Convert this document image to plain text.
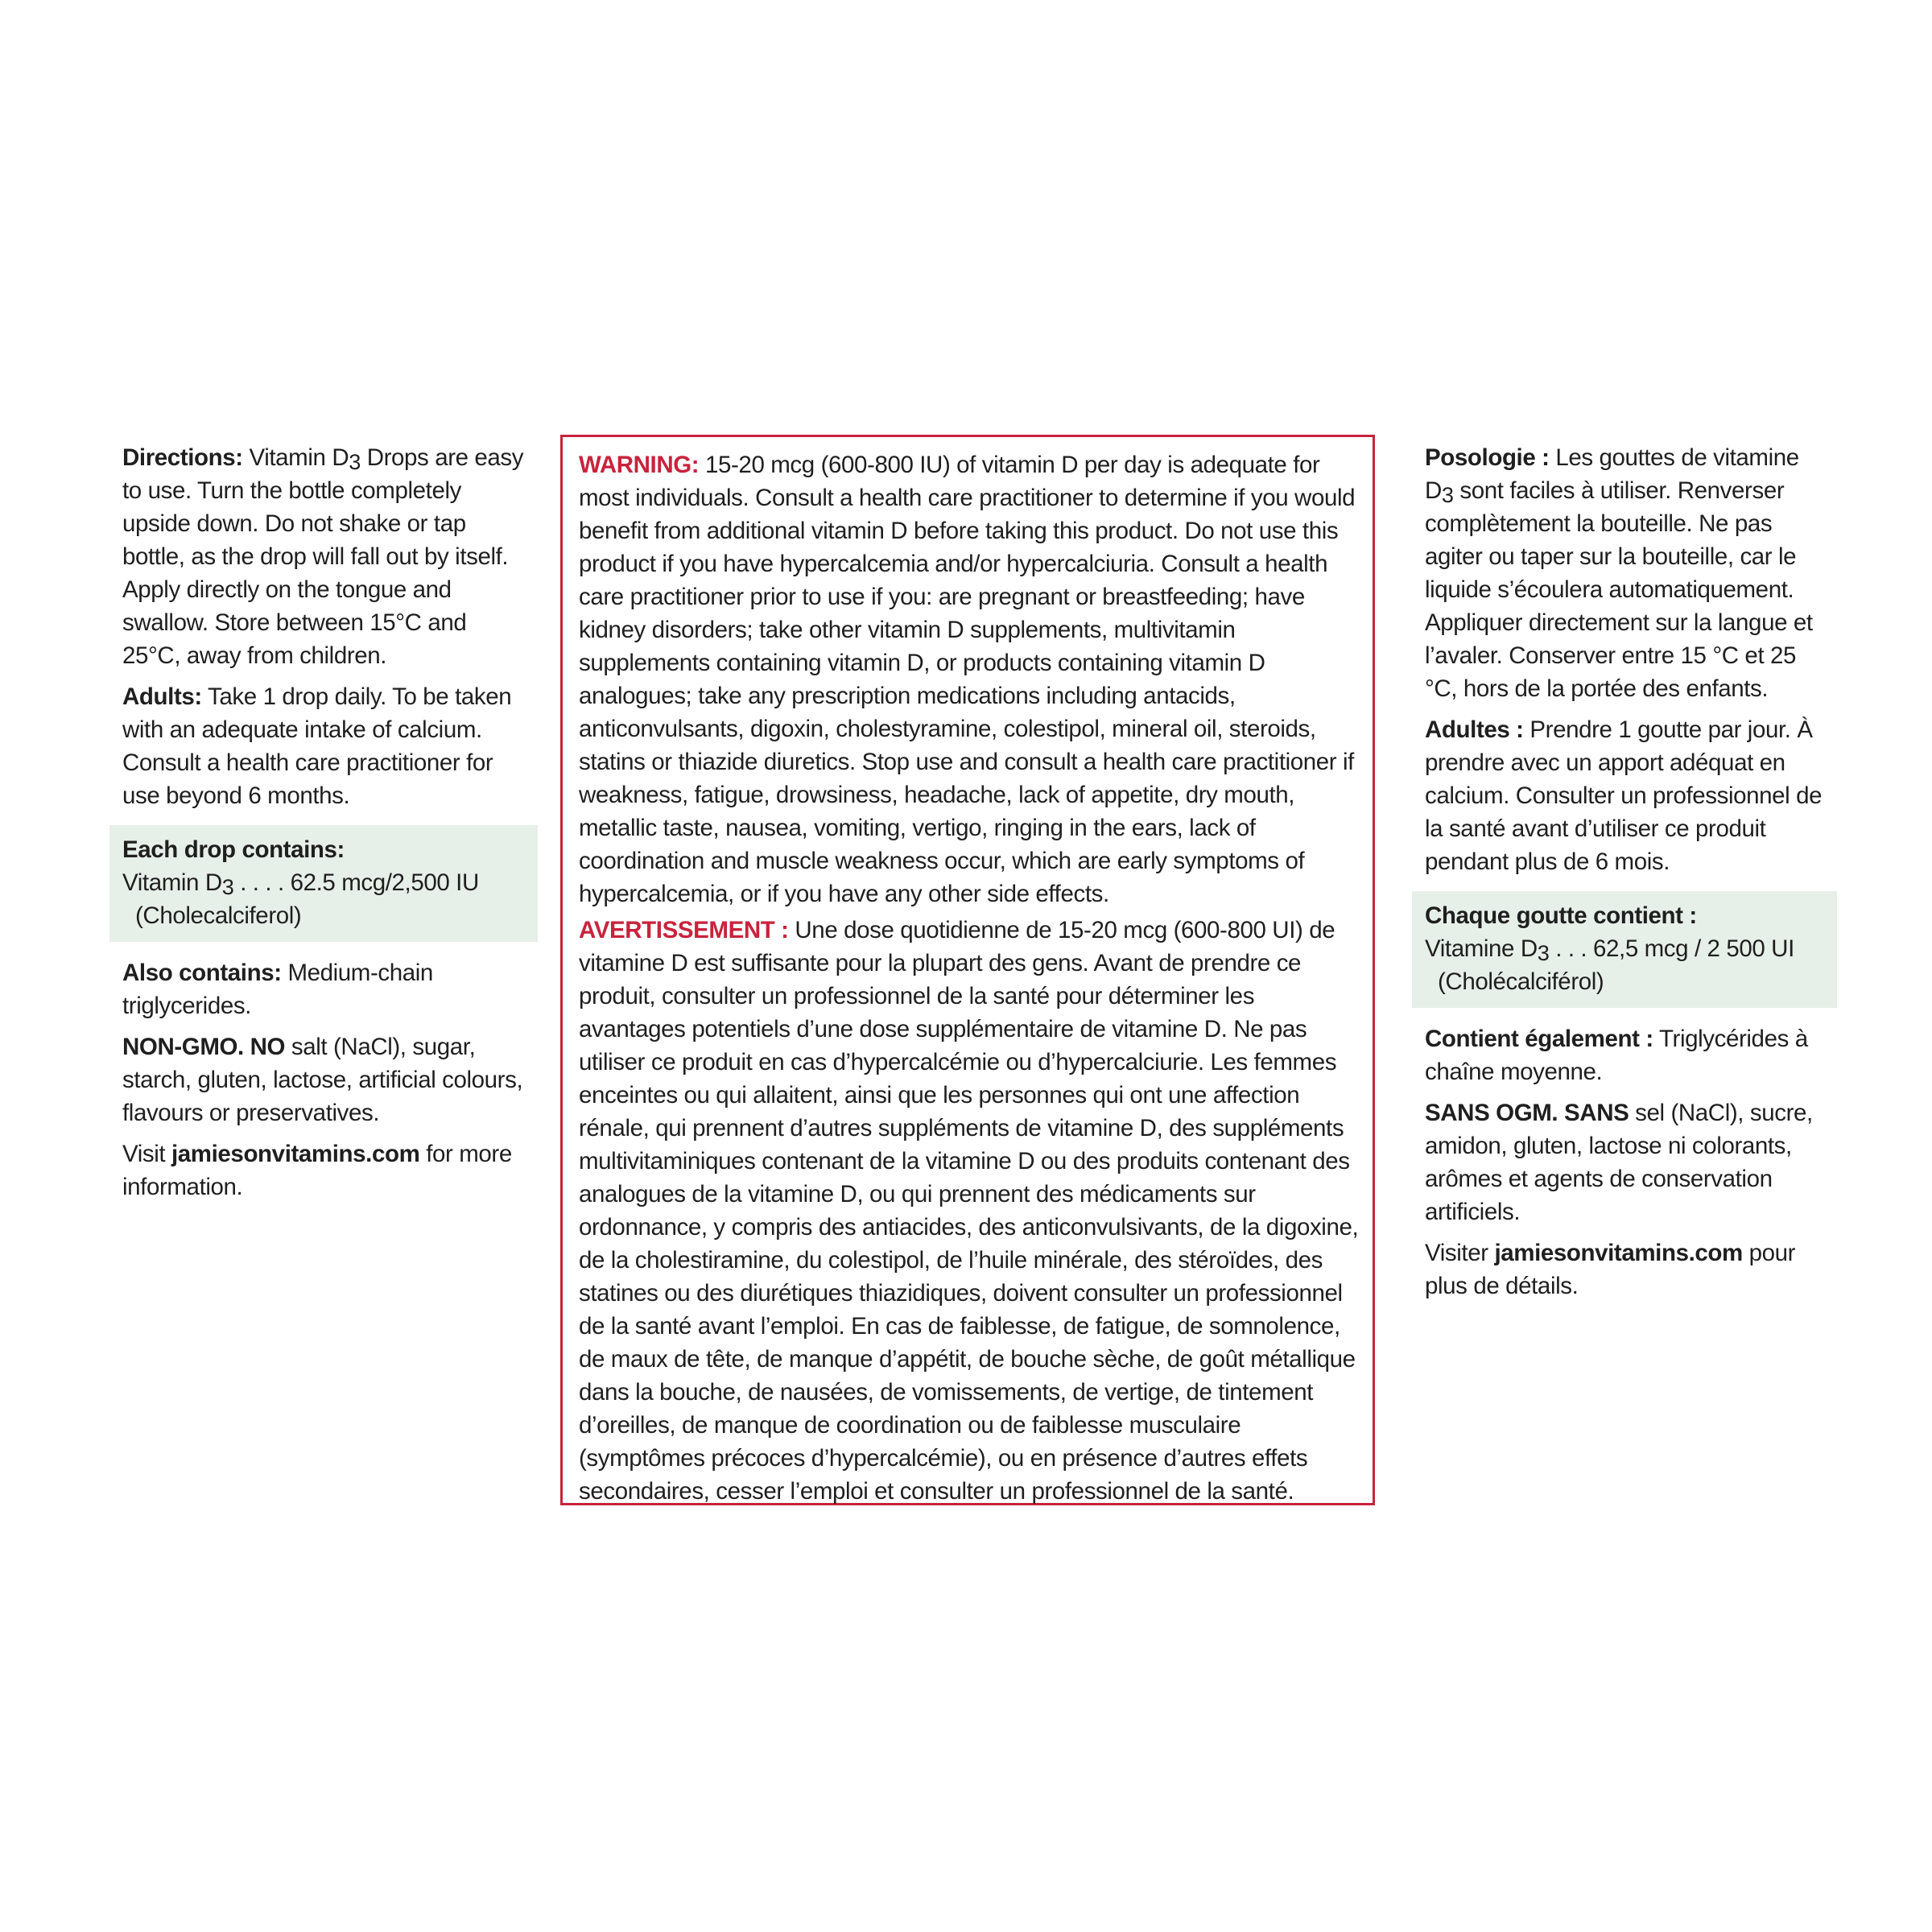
Directions: Vitamin D3 Drops are easy to use. Turn the bottle completely upside down. Do not shake or tap bottle, as the drop will fall out by itself. Apply directly on the tongue and swallow. Store between 15°C and 25°C, away from children.

Adults: Take 1 drop daily. To be taken with an adequate intake of calcium. Consult a health care practitioner for use beyond 6 months.

Each drop contains:
Vitamin D3 . . . . 62.5 mcg/2,500 IU
(Cholecalciferol)

Also contains: Medium-chain triglycerides.

NON-GMO. NO salt (NaCl), sugar, starch, gluten, lactose, artificial colours, flavours or preservatives.

Visit jamiesonvitamins.com for more information.

WARNING: 15-20 mcg (600-800 IU) of vitamin D per day is adequate for most individuals. Consult a health care practitioner to determine if you would benefit from additional vitamin D before taking this product. Do not use this product if you have hypercalcemia and/or hypercalciuria. Consult a health care practitioner prior to use if you: are pregnant or breastfeeding; have kidney disorders; take other vitamin D supplements, multivitamin supplements containing vitamin D, or products containing vitamin D analogues; take any prescription medications including antacids, anticonvulsants, digoxin, cholestyramine, colestipol, mineral oil, steroids, statins or thiazide diuretics. Stop use and consult a health care practitioner if weakness, fatigue, drowsiness, headache, lack of appetite, dry mouth, metallic taste, nausea, vomiting, vertigo, ringing in the ears, lack of coordination and muscle weakness occur, which are early symptoms of hypercalcemia, or if you have any other side effects.

AVERTISSEMENT : Une dose quotidienne de 15-20 mcg (600-800 UI) de vitamine D est suffisante pour la plupart des gens. Avant de prendre ce produit, consulter un professionnel de la santé pour déterminer les avantages potentiels d’une dose supplémentaire de vitamine D. Ne pas utiliser ce produit en cas d’hypercalcémie ou d’hypercalciurie. Les femmes enceintes ou qui allaitent, ainsi que les personnes qui ont une affection rénale, qui prennent d’autres suppléments de vitamine D, des suppléments multivitaminiques contenant de la vitamine D ou des produits contenant des analogues de la vitamine D, ou qui prennent des médicaments sur ordonnance, y compris des antiacides, des anticonvulsivants, de la digoxine, de la cholestiramine, du colestipol, de l’huile minérale, des stéroïdes, des statines ou des diurétiques thiazidiques, doivent consulter un professionnel de la santé avant l’emploi. En cas de faiblesse, de fatigue, de somnolence, de maux de tête, de manque d’appétit, de bouche sèche, de goût métallique dans la bouche, de nausées, de vomissements, de vertige, de tintement d’oreilles, de manque de coordination ou de faiblesse musculaire (symptômes précoces d’hypercalcémie), ou en présence d’autres effets secondaires, cesser l’emploi et consulter un professionnel de la santé.

Posologie : Les gouttes de vitamine D3 sont faciles à utiliser. Renverser complètement la bouteille. Ne pas agiter ou taper sur la bouteille, car le liquide s’écoulera automatiquement. Appliquer directement sur la langue et l’avaler. Conserver entre 15 °C et 25 °C, hors de la portée des enfants.

Adultes : Prendre 1 goutte par jour. À prendre avec un apport adéquat en calcium. Consulter un professionnel de la santé avant d’utiliser ce produit pendant plus de 6 mois.

Chaque goutte contient :
Vitamine D3 . . . 62,5 mcg / 2 500 UI
(Cholécalciférol)

Contient également : Triglycérides à chaîne moyenne.

SANS OGM. SANS sel (NaCl), sucre, amidon, gluten, lactose ni colorants, arômes et agents de conservation artificiels.

Visiter jamiesonvitamins.com pour plus de détails.
